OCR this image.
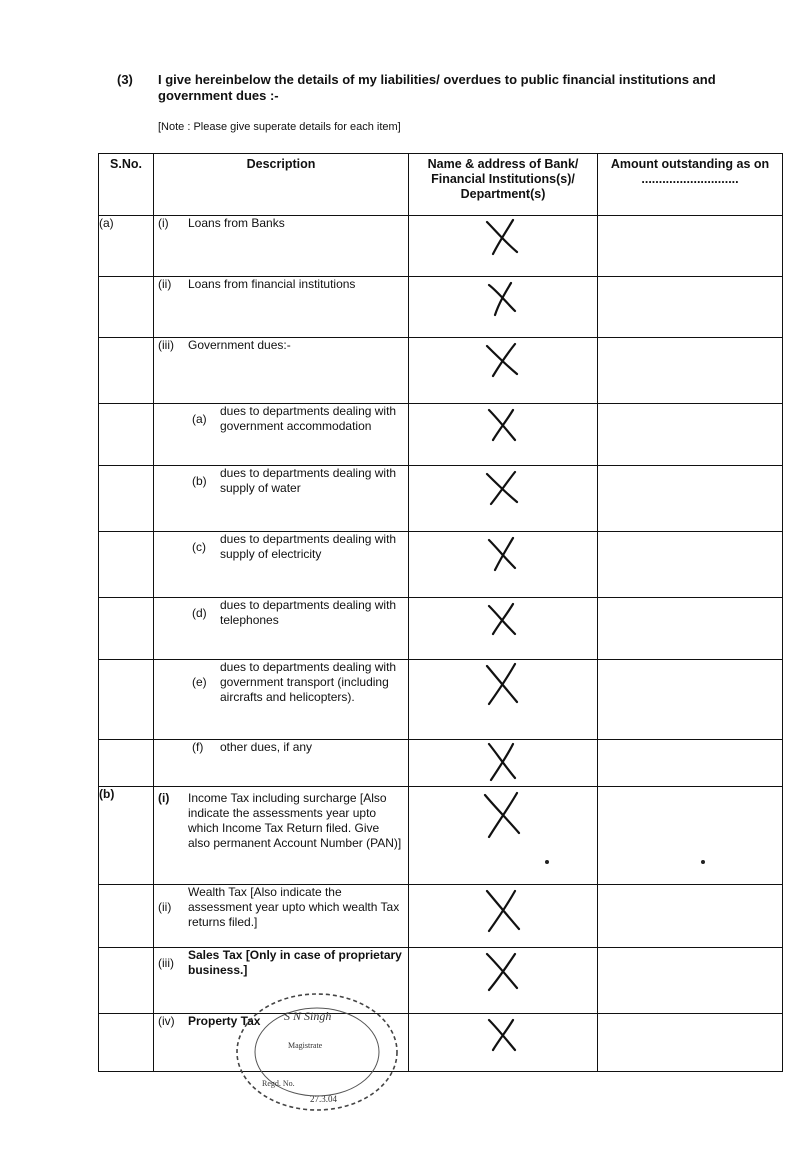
(3) I give hereinbelow the details of my liabilities/ overdues to public financial institutions and government dues :-
[Note : Please give superate details for each item]
S.No.	Description	Name & address of Bank/ Financial Institutions(s)/ Department(s)	Amount outstanding as on ............................
(a)	(i) Loans from Banks

	(ii) Loans from financial institutions

	(iii) Government dues:-

	(a)
dues to departments dealing with government accommodation

	(b)
dues to departments dealing with supply of water

	(c)
dues to departments dealing with supply of electricity

	(d)
dues to departments dealing with telephones

	(e)
dues to departments dealing with government transport (including aircrafts and helicopters).

	(f) other dues, if any

(b)	(i) Income Tax including surcharge [Also indicate the assessments year upto which Income Tax Return filed. Give also permanent Account Number (PAN)]

	(ii)
Wealth Tax [Also indicate the assessment year upto which wealth Tax returns filed.]

	(iii)
Sales Tax [Only in case of proprietary business.]

	(iv) Property Tax
			S N Singh
Magistrate
Regd. No.
27.3.04
